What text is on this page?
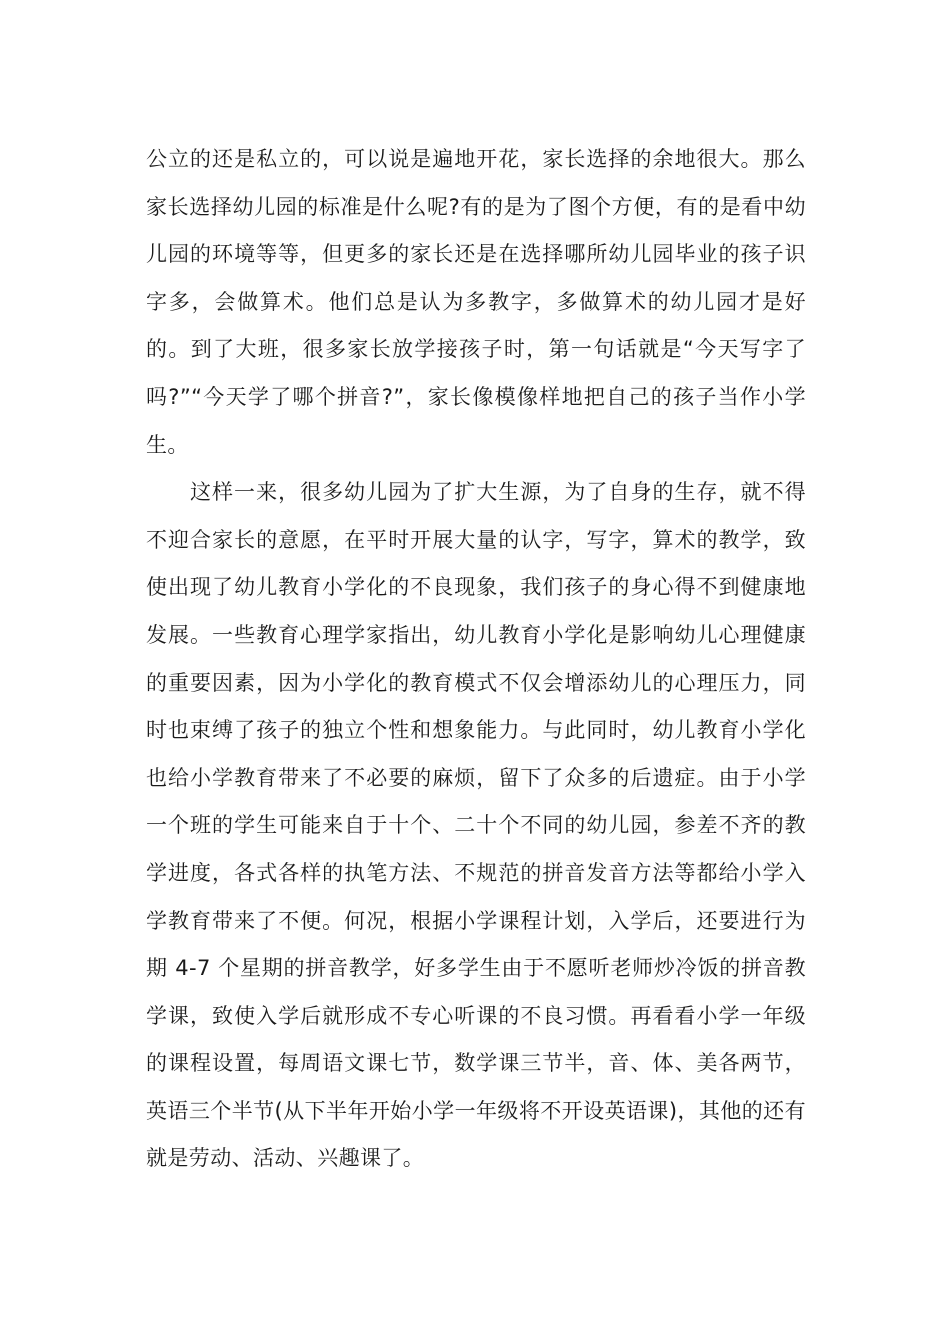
公立的还是私立的，可以说是遍地开花，家长选择的余地很大。那么家长选择幼儿园的标准是什么呢?有的是为了图个方便，有的是看中幼儿园的环境等等，但更多的家长还是在选择哪所幼儿园毕业的孩子识字多，会做算术。他们总是认为多教字，多做算术的幼儿园才是好的。到了大班，很多家长放学接孩子时，第一句话就是“今天写字了吗?”“今天学了哪个拼音?”，家长像模像样地把自己的孩子当作小学生。

这样一来，很多幼儿园为了扩大生源，为了自身的生存，就不得不迎合家长的意愿，在平时开展大量的认字，写字，算术的教学，致使出现了幼儿教育小学化的不良现象，我们孩子的身心得不到健康地发展。一些教育心理学家指出，幼儿教育小学化是影响幼儿心理健康的重要因素，因为小学化的教育模式不仅会增添幼儿的心理压力，同时也束缚了孩子的独立个性和想象能力。与此同时，幼儿教育小学化也给小学教育带来了不必要的麻烦，留下了众多的后遗症。由于小学一个班的学生可能来自于十个、二十个不同的幼儿园，参差不齐的教学进度，各式各样的执笔方法、不规范的拼音发音方法等都给小学入学教育带来了不便。何况，根据小学课程计划，入学后，还要进行为期 4-7 个星期的拼音教学，好多学生由于不愿听老师炒冷饭的拼音教学课，致使入学后就形成不专心听课的不良习惯。再看看小学一年级的课程设置，每周语文课七节，数学课三节半，音、体、美各两节，英语三个半节(从下半年开始小学一年级将不开设英语课)，其他的还有就是劳动、活动、兴趣课了。
